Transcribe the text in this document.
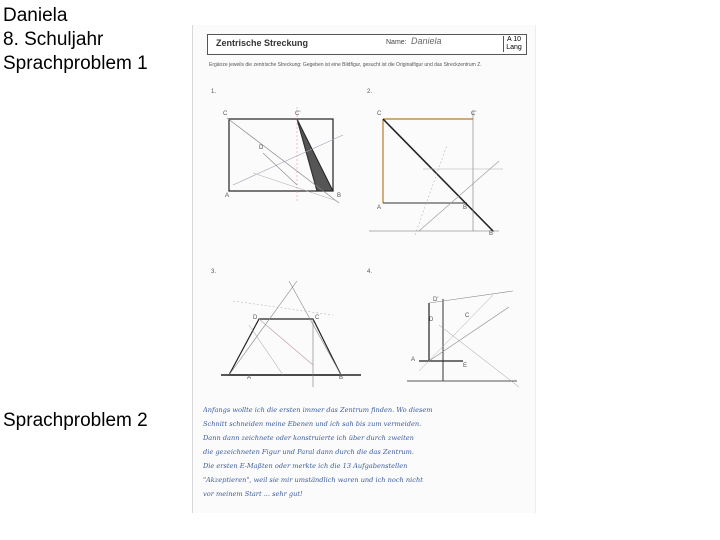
Daniela
8. Schuljahr
Sprachproblem 1
Sprachproblem 2
Zentrische Streckung	Name: Daniela	A 10
Lang
Ergänze jeweils die zentrische Streckung: Gegeben ist eine Bildfigur, gesucht ist die Originalfigur und das Streckzentrum Z.
1.	2.
3.	4.
C	C'
D
B
A
C	C'
A	B
B'
D	C
A	B
D'
D
C
A
E
Anfangs wollte ich die ersten immer das Zentrum finden. Wo diesem
Schnitt schneiden meine Ebenen und ich sah bis zum vermeiden.
Dann dann zeichnete oder konstruierte ich über durch zweiten
die gezeichneten Figur und Paral dann durch die das Zentrum.
Die ersten E-Maßten oder merkte ich die 13 Aufgabenstellen
"Akzeptieren", weil sie mir umständlich waren und ich noch nicht
vor meinem Start ... sehr gut!
